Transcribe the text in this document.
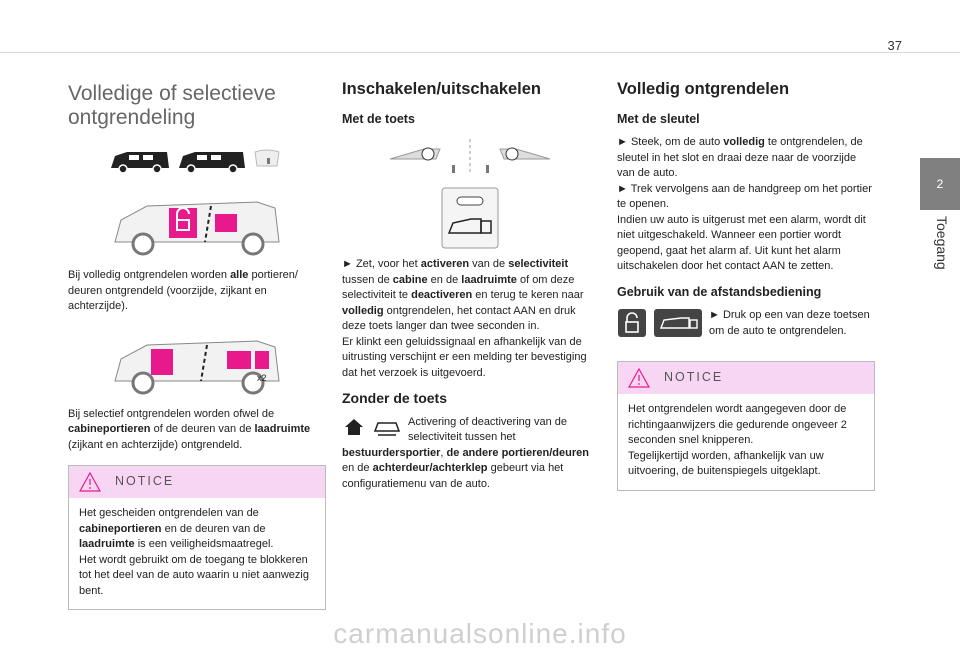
37
2
Toegang
Volledige of selectieve ontgrendeling

Bij volledig ontgrendelen worden alle portieren/ deuren ontgrendeld (voorzijde, zijkant en achterzijde).

x2

Bij selectief ontgrendelen worden ofwel de cabineportieren of de deuren van de laadruimte (zijkant en achterzijde) ontgrendeld.

NOTICE

Het gescheiden ontgrendelen van de cabineportieren en de deuren van de laadruimte is een veiligheidsmaatregel.
Het wordt gebruikt om de toegang te blokkeren tot het deel van de auto waarin u niet aanwezig bent.

Inschakelen/uitschakelen
Met de toets

► Zet, voor het activeren van de selectiviteit tussen de cabine en de laadruimte of om deze selectiviteit te deactiveren en terug te keren naar volledig ontgrendelen, het contact AAN en druk deze toets langer dan twee seconden in.
Er klinkt een geluidssignaal en afhankelijk van de uitrusting verschijnt er een melding ter bevestiging dat het verzoek is uitgevoerd.

Zonder de toets

Activering of deactivering van de selectiviteit tussen het bestuurdersportier, de andere portieren/deuren en de achterdeur/achterklep gebeurt via het configuratiemenu van de auto.

Volledig ontgrendelen
Met de sleutel

► Steek, om de auto volledig te ontgrendelen, de sleutel in het slot en draai deze naar de voorzijde van de auto.
► Trek vervolgens aan de handgreep om het portier te openen.
Indien uw auto is uitgerust met een alarm, wordt dit niet uitgeschakeld. Wanneer een portier wordt geopend, gaat het alarm af. Uit kunt het alarm uitschakelen door het contact AAN te zetten.

Gebruik van de afstandsbediening

► Druk op een van deze toetsen om de auto te ontgrendelen.

NOTICE

Het ontgrendelen wordt aangegeven door de richtingaanwijzers die gedurende ongeveer 2 seconden snel knipperen.
Tegelijkertijd worden, afhankelijk van uw uitvoering, de buitenspiegels uitgeklapt.

carmanualsonline.info
